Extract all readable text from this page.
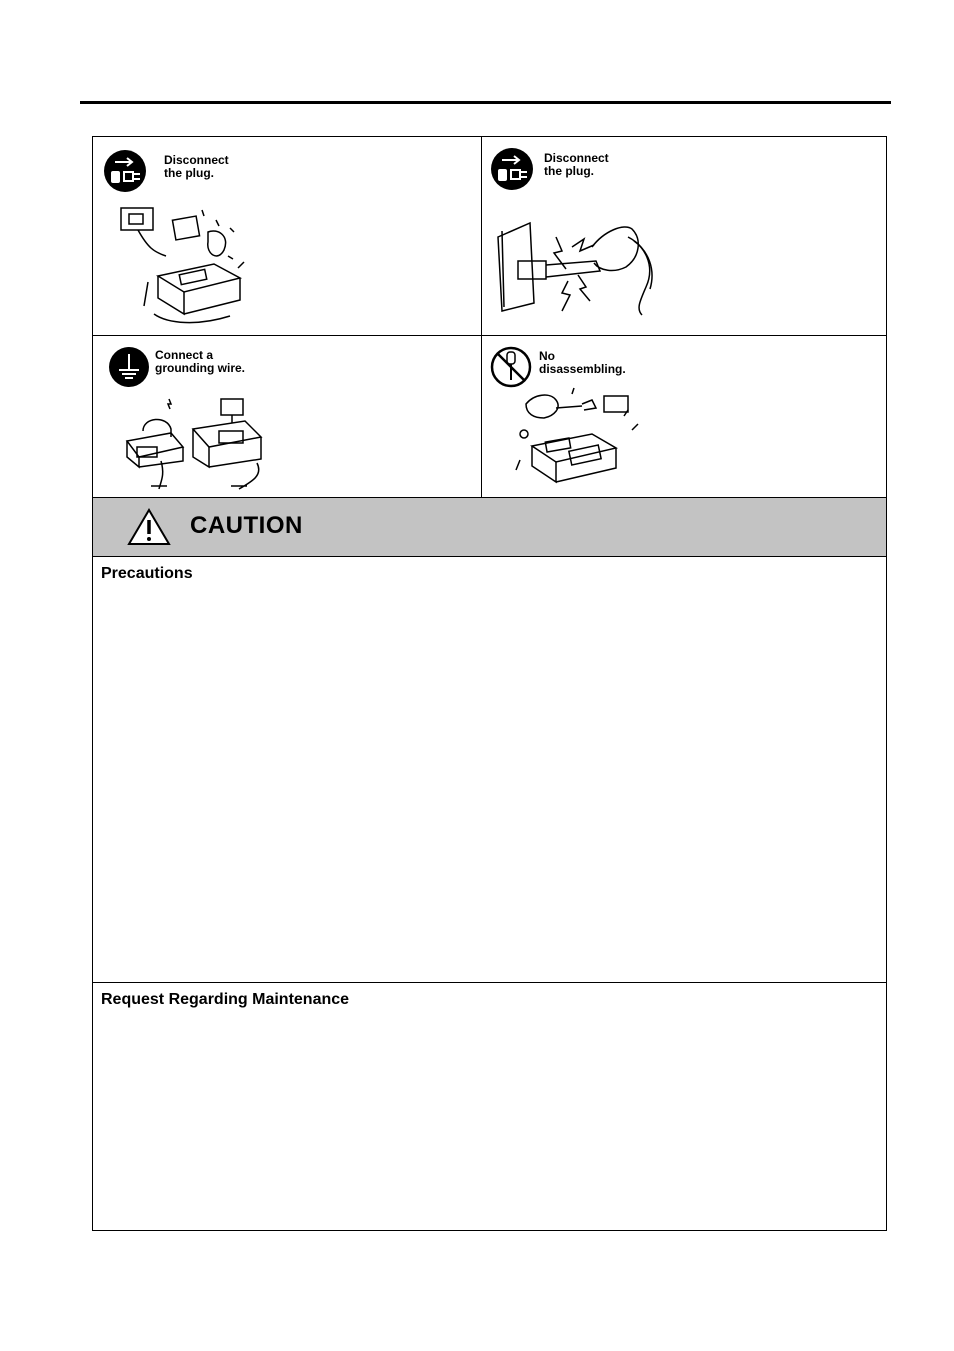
Disconnect
the plug.
Disconnect
the plug.
Connect a
grounding wire.
No
disassembling.
CAUTION
Precautions
Request Regarding Maintenance
